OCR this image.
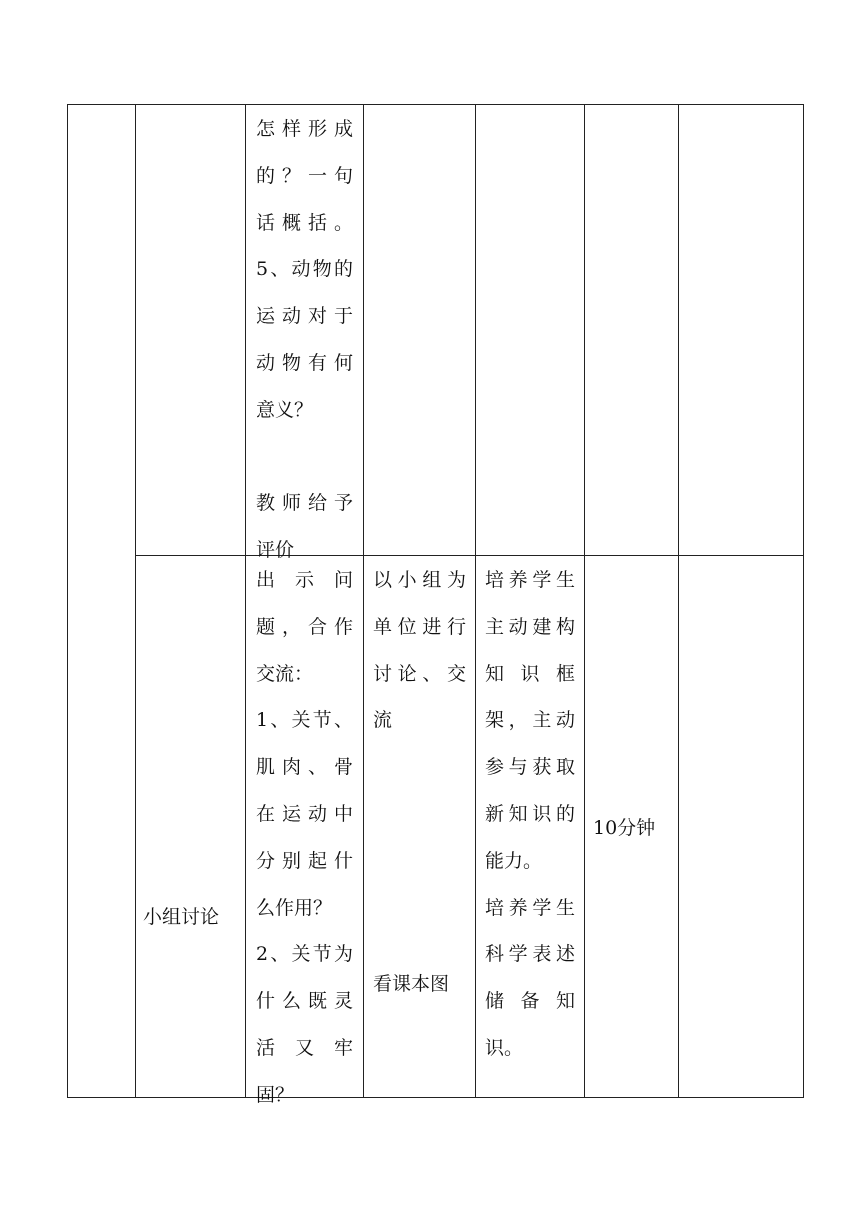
怎样形成
的？一句
话概括。
5、动物的
运动对于
动物有何
意义？
教师给予
评价
小组讨论
出 示 问
题，合作
交流：
1、关节、
肌肉、骨
在运动中
分别起什
么作用？
2、关节为
什么既灵
活 又 牢
固？
以小组为
单位进行
讨论、交
流
看课本图
培养学生
主动建构
知 识 框
架，主动
参与获取
新知识的
能力。
培养学生
科学表述
储 备 知
识。
10分钟
